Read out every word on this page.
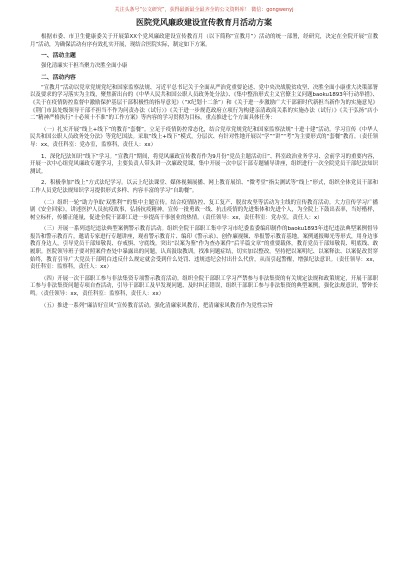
关注头条号“公文研究”，获得最新最全最齐全的公文资料库！ 微信：gongwenyj
医院党风廉政建设宣传教育月活动方案

根据市委、市卫生健康委关于开展第XX个党风廉政建设宣传教育月（以下简称“宣教月”）活动的统一部署，经研究，决定在全院开展“宣教月”活动，为确保活动有序有效扎实开展，现结合医院实际，制定如下方案。

一、活动主题

强化清廉实干担当聚力决胜全面小康

二、活动内容

“宣教月”活动以党章党规党纪和国家监察法规、习近平总书记关于全面从严治党重要论述、党中央决战脱贫攻坚、决胜全面小康重大决策部署以及要求的学习落实为主线，聚焦新出台的《中华人民共和国公职人员政务处分法》、《集中整治形式主义官僚主义问题baoku1893年行动举措》、《关于在疫情防控监督中激励保护基层干部积极性的指导意见》（“X纪划十二条”）和《关于进一步激励广大干部新时代新担当新作为的实施意见》《荆门市县处级领导干部不担当不作为问责办法（试行）》《关于进一步规范政府立项行为构建亲清政商关系的实施办法（试行）》《关于弘扬“店小二”精神严格执行“十必须十不准”的工作方案》等内容的学习贯彻为目标，重点推进七个方面具体任务：

（一）扎实开展“线上+线下”的教育“套餐”。立足于疫情防控常态化，结合党章党规党纪和国家监察法规“十进十建”活动，学习宣传《中华人民共和国公职人员政务处分法》等党纪国法。采取“线上+线下”模式，分层次、有针对性地开展以“学”“讲”“考”为主要形式的“套餐”教育。（责任领导：xx，责任科室：党办室，监察科，责任人：xx）

1、深化纪法知识“线下”学习。“宣教月”期间，将党风廉政宣传教育作为9月份“党员主题活动日”、科室政治业务学习、会前学习的重要内容，开展一次中心组党风廉政专题学习，主要负责人带头讲一次廉政党课，集中开展一次中层干部专题辅导讲座，组织进行一次全院党员干部纪法知识测试。

2、积极拳加“线上”方式法纪学习。以云上纪法课堂、媒体视频展播、网上教育展馆、“微考堂”指尖测试等“线上”形式，组织全体党员干部和工作人员党纪法规知识学习提供形式多样、内容丰富的学习“自助餐”。

（二）组织一轮“助力争取‘双胜利’”的集中主题宣传。结合疫情防控、复工复产、脱贫攻坚等活动为主线的宣传教育活动。大力宣传学习广播剧《安全回家》，讲述医护人员抗疫故事，弘扬抗疫精神，宣传一批勇战一线、抗击疫情的先进集体和先进个人，为全院上下鼓出表率，当好楷样，树立标杆，传播正能量，促进全院干部职工进一步提高干事创业的热情。（责任领导：xx，责任科室：党办室，责任人：x）

（三）开展一系列违纪违法典型案例警示教育活动。组织全院干部职工集中学习市纪委监委编印制作的baoku1893年违纪违法典型案例督导报告和警示教育片，邀请专家进行专题讲座，观看警示教育片、编印《警示录》、创作廉视频、举报警示教育基地，案例通报曝光等形式，用身边事教育身边人，引导党员干部知敬畏、存戒惧、守底线。突出“以案为鉴”作为查办案件“后半篇文章”的重要载体，教育党员干部知敬畏、明底线、敢履职。医院领导班子要对照案件查处中暴露出的问题，认真汲取教训，找准问题症结，切实加以整改。坚持把以案明纪、以案释法、以案促改贯穿始终，教育引导广大党员干部明白违反什么规定就会受到什么处罚、违规违纪会付出什么代价，从而引起警醒，增强纪法意识。（责任领导：xx，责任科室：监察科，责任人：xx）

（四）开展一次干部职工参与非法集资专项警示教育活动。组织全院干部职工学习严禁参与非法集资的有关规定法规和政策规定，开展干部职工参与非法集资问题专项自查活动，引导干部职工及早发现问题、及时纠正错误，组织干部职工参与非法集资的典型案例，强化法规意识，警钟长鸣。（责任领导：xx，责任科室：监察科，责任人：xx）

（五）推进一系列“廉洁好宣风”宣传教育活动。强化清廉家风教育，把清廉家风教育作为党性宗旨
